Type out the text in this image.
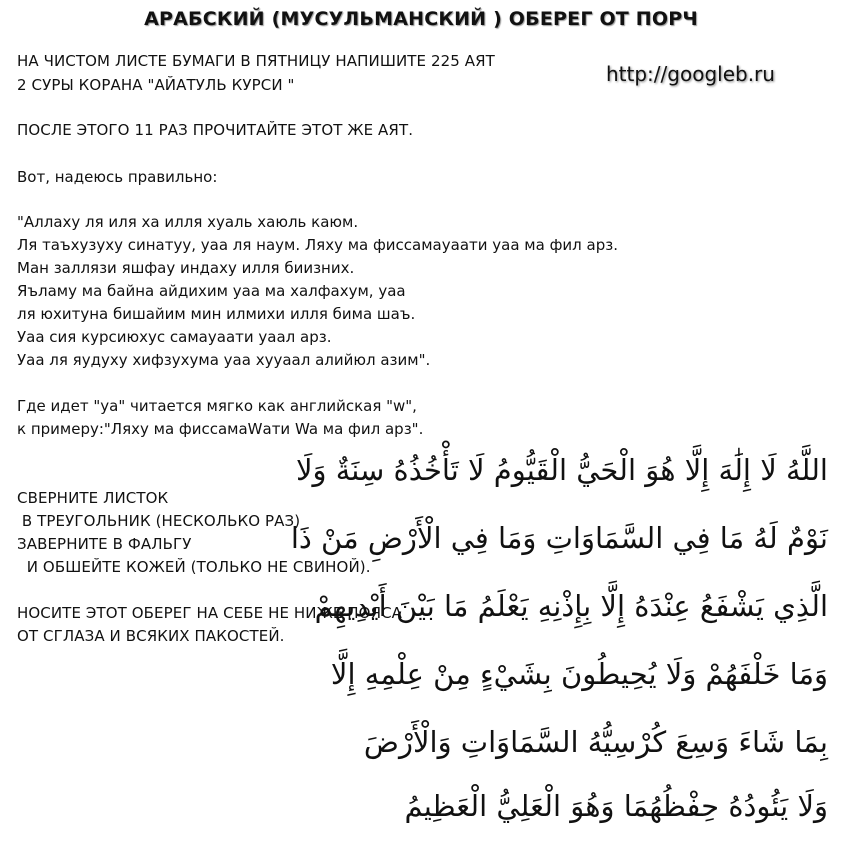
АРАБСКИЙ (МУСУЛЬМАНСКИЙ ) ОБЕРЕГ ОТ ПОРЧ
http://googleb.ru
НА ЧИСТОМ ЛИСТЕ БУМАГИ В ПЯТНИЦУ НАПИШИТЕ 225 АЯТ
2 СУРЫ КОРАНА "АЙАТУЛЬ КУРСИ "
ПОСЛЕ ЭТОГО 11 РАЗ ПРОЧИТАЙТЕ ЭТОТ ЖЕ АЯТ.
Вот, надеюсь правильно:
"Аллаху ля иля ха илля хуаль хаюль каюм.
Ля таъхузуху синатуу, уаа ля наум. Ляху ма фиссамауаати уаа ма фил арз.
Ман заллязи яшфау индаху илля биизних.
Яъламу ма байна айдихим уаа ма халфахум, уаа
ля юхитуна бишайим мин илмихи илля бима шаъ.
Уаа сия курсиюхус самауаати уаал арз.
Уаа ля яудуху хифзухума уаа хууаал алийюл азим".
Где идет "уа" читается мягко как английская "w",
к примеру:"Ляху ма фиссамаWати Wa ма фил арз".
СВЕРНИТЕ ЛИСТОК
В ТРЕУГОЛЬНИК (НЕСКОЛЬКО РАЗ)
ЗАВЕРНИТЕ В ФАЛЬГУ
И ОБШЕЙТЕ КОЖЕЙ (ТОЛЬКО НЕ СВИНОЙ).
НОСИТЕ ЭТОТ ОБЕРЕГ НА СЕБЕ НЕ НИЖЕ ПОЯСА
ОТ СГЛАЗА И ВСЯКИХ ПАКОСТЕЙ.
اللَّهُ لَا إِلَٰهَ إِلَّا هُوَ الْحَيُّ الْقَيُّومُ لَا تَأْخُذُهُ سِنَةٌ وَلَا
نَوْمٌ لَهُ مَا فِي السَّمَاوَاتِ وَمَا فِي الْأَرْضِ مَنْ ذَا
الَّذِي يَشْفَعُ عِنْدَهُ إِلَّا بِإِذْنِهِ يَعْلَمُ مَا بَيْنَ أَيْدِيهِمْ
وَمَا خَلْفَهُمْ وَلَا يُحِيطُونَ بِشَيْءٍ مِنْ عِلْمِهِ إِلَّا
بِمَا شَاءَ وَسِعَ كُرْسِيُّهُ السَّمَاوَاتِ وَالْأَرْضَ
وَلَا يَئُودُهُ حِفْظُهُمَا وَهُوَ الْعَلِيُّ الْعَظِيمُ
